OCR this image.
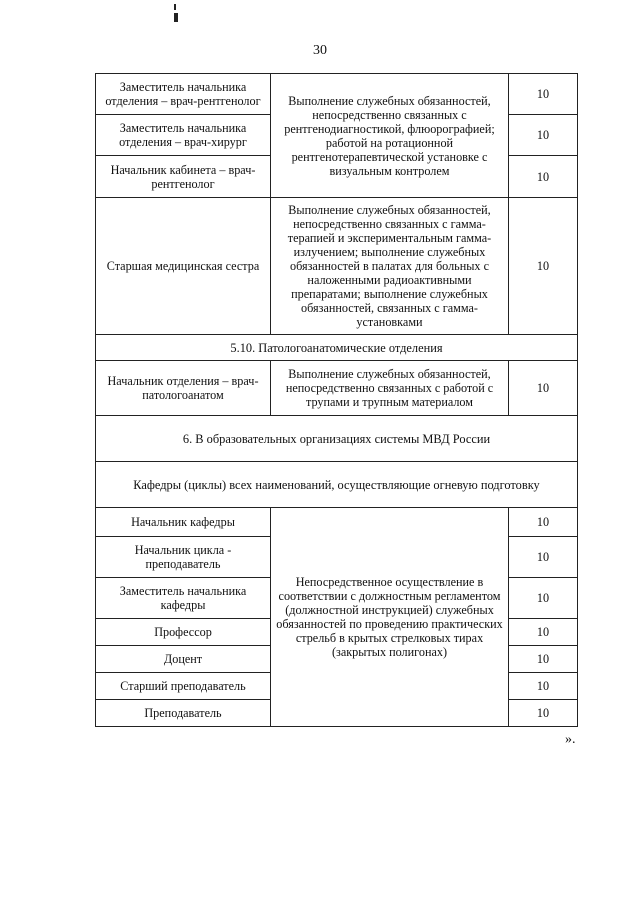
30
Заместитель начальника отделения – врач-рентгенолог	Выполнение служебных обязанностей, непосредственно связанных с рентгенодиагностикой, флюорографией; работой на ротационной рентгенотерапевтической установке с визуальным контролем	10
Заместитель начальника отделения – врач-хирург		10
Начальник кабинета – врач-рентгенолог		10
Старшая медицинская сестра	Выполнение служебных обязанностей, непосредственно связанных с гамма-терапией и экспериментальным гамма-излучением; выполнение служебных обязанностей в палатах для больных с наложенными радиоактивными препаратами; выполнение служебных обязанностей, связанных с гамма-установками	10
5.10. Патологоанатомические отделения		
Начальник отделения – врач-патологоанатом	Выполнение служебных обязанностей, непосредственно связанных с работой с трупами и трупным материалом	10
6. В образовательных организациях системы МВД России		
Кафедры (циклы) всех наименований, осуществляющие огневую подготовку		
Начальник кафедры	Непосредственное осуществление в соответствии с должностным регламентом (должностной инструкцией) служебных обязанностей по проведению практических стрельб в крытых стрелковых тирах (закрытых полигонах)	10
Начальник цикла - преподаватель		10
Заместитель начальника кафедры		10
Профессор		10
Доцент		10
Старший преподаватель		10
Преподаватель		10
».
